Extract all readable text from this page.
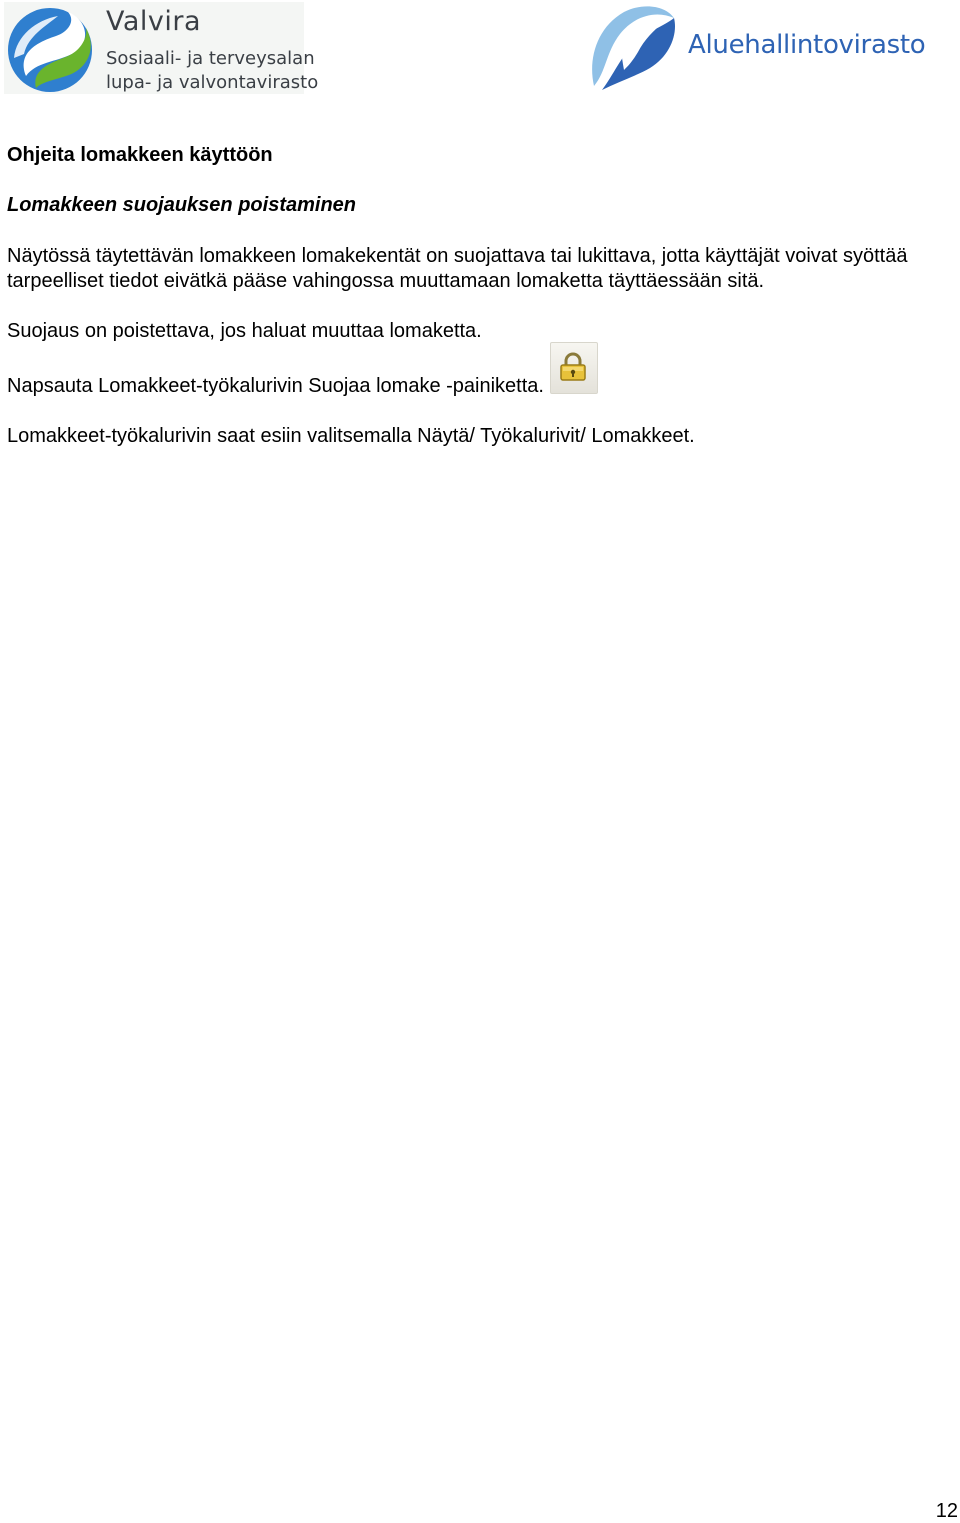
Valvira
Sosiaali- ja terveysalan
lupa- ja valvontavirasto
Aluehallintovirasto
Ohjeita lomakkeen käyttöön
Lomakkeen suojauksen poistaminen

Näytössä täytettävän lomakkeen lomakekentät on suojattava tai lukittava, jotta käyttäjät voivat syöttää tarpeelliset tiedot eivätkä pääse vahingossa muuttamaan lomaketta täyttäessään sitä.

Suojaus on poistettava, jos haluat muuttaa lomaketta.

Napsauta Lomakkeet-työkalurivin Suojaa lomake -painiketta.

Lomakkeet-työkalurivin saat esiin valitsemalla Näytä/ Työkalurivit/ Lomakkeet.

12
